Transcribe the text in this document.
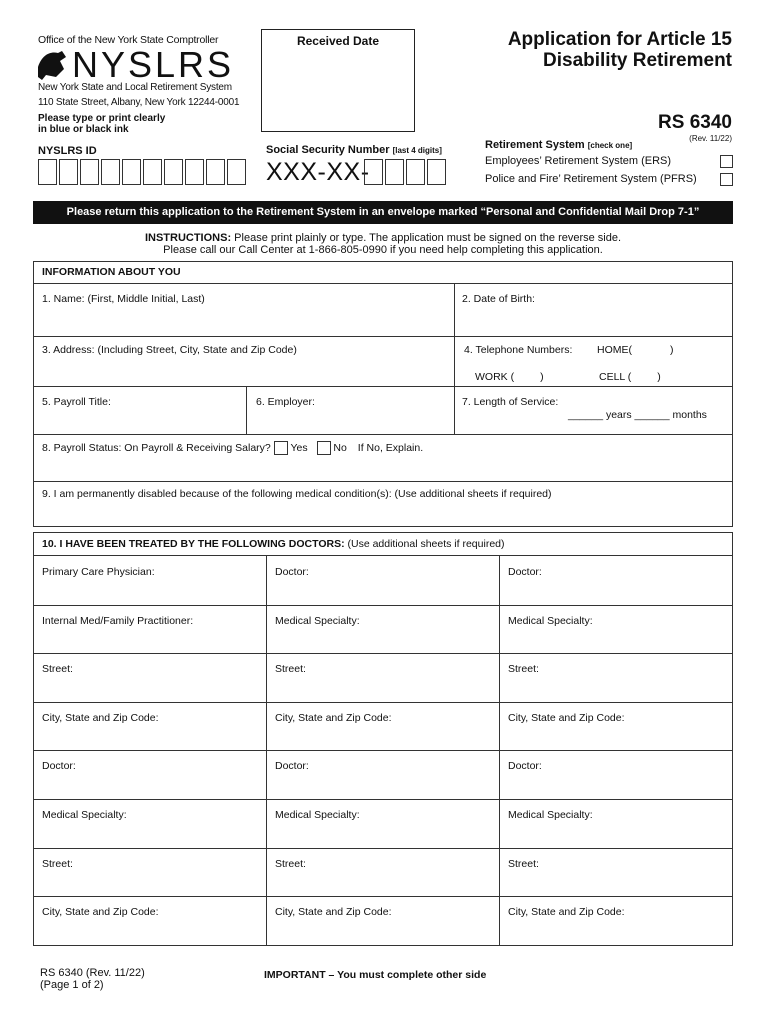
Office of the New York State Comptroller
NYSLRS
New York State and Local Retirement System
110 State Street, Albany, New York 12244-0001
Please type or print clearly
in blue or black ink
Received Date	Application for Article 15
Disability Retirement
RS 6340
(Rev. 11/22)
NYSLRS ID	Social Security Number [last 4 digits]
XXX-XX-
Retirement System [check one]
Employees’ Retirement System (ERS)
Police and Fire’ Retirement System (PFRS)
Please return this application to the Retirement System in an envelope marked “Personal and Confidential Mail Drop 7-1”
INSTRUCTIONS: Please print plainly or type. The application must be signed on the reverse side.
Please call our Call Center at 1-866-805-0990 if you need help completing this application.
INFORMATION ABOUT YOU
1. Name: (First, Middle Initial, Last)	2. Date of Birth:
3. Address: (Including Street, City, State and Zip Code)	4. Telephone Numbers: HOME(	)
WORK ( )	CELL ( )
5. Payroll Title:	6. Employer:	7. Length of Service:
______ years ______ months
8. Payroll Status: On Payroll & Receiving Salary? Yes No If No, Explain.
9. I am permanently disabled because of the following medical condition(s): (Use additional sheets if required)
10. I HAVE BEEN TREATED BY THE FOLLOWING DOCTORS: (Use additional sheets if required)
Primary Care Physician:	Doctor:	Doctor:
Internal Med/Family Practitioner:	Medical Specialty:	Medical Specialty:
Street:	Street:	Street:
City, State and Zip Code:	City, State and Zip Code:	City, State and Zip Code:
Doctor:	Doctor:	Doctor:
Medical Specialty:	Medical Specialty:	Medical Specialty:
Street:	Street:	Street:
City, State and Zip Code:	City, State and Zip Code:	City, State and Zip Code:
RS 6340 (Rev. 11/22)
(Page 1 of 2)
IMPORTANT – You must complete other side
